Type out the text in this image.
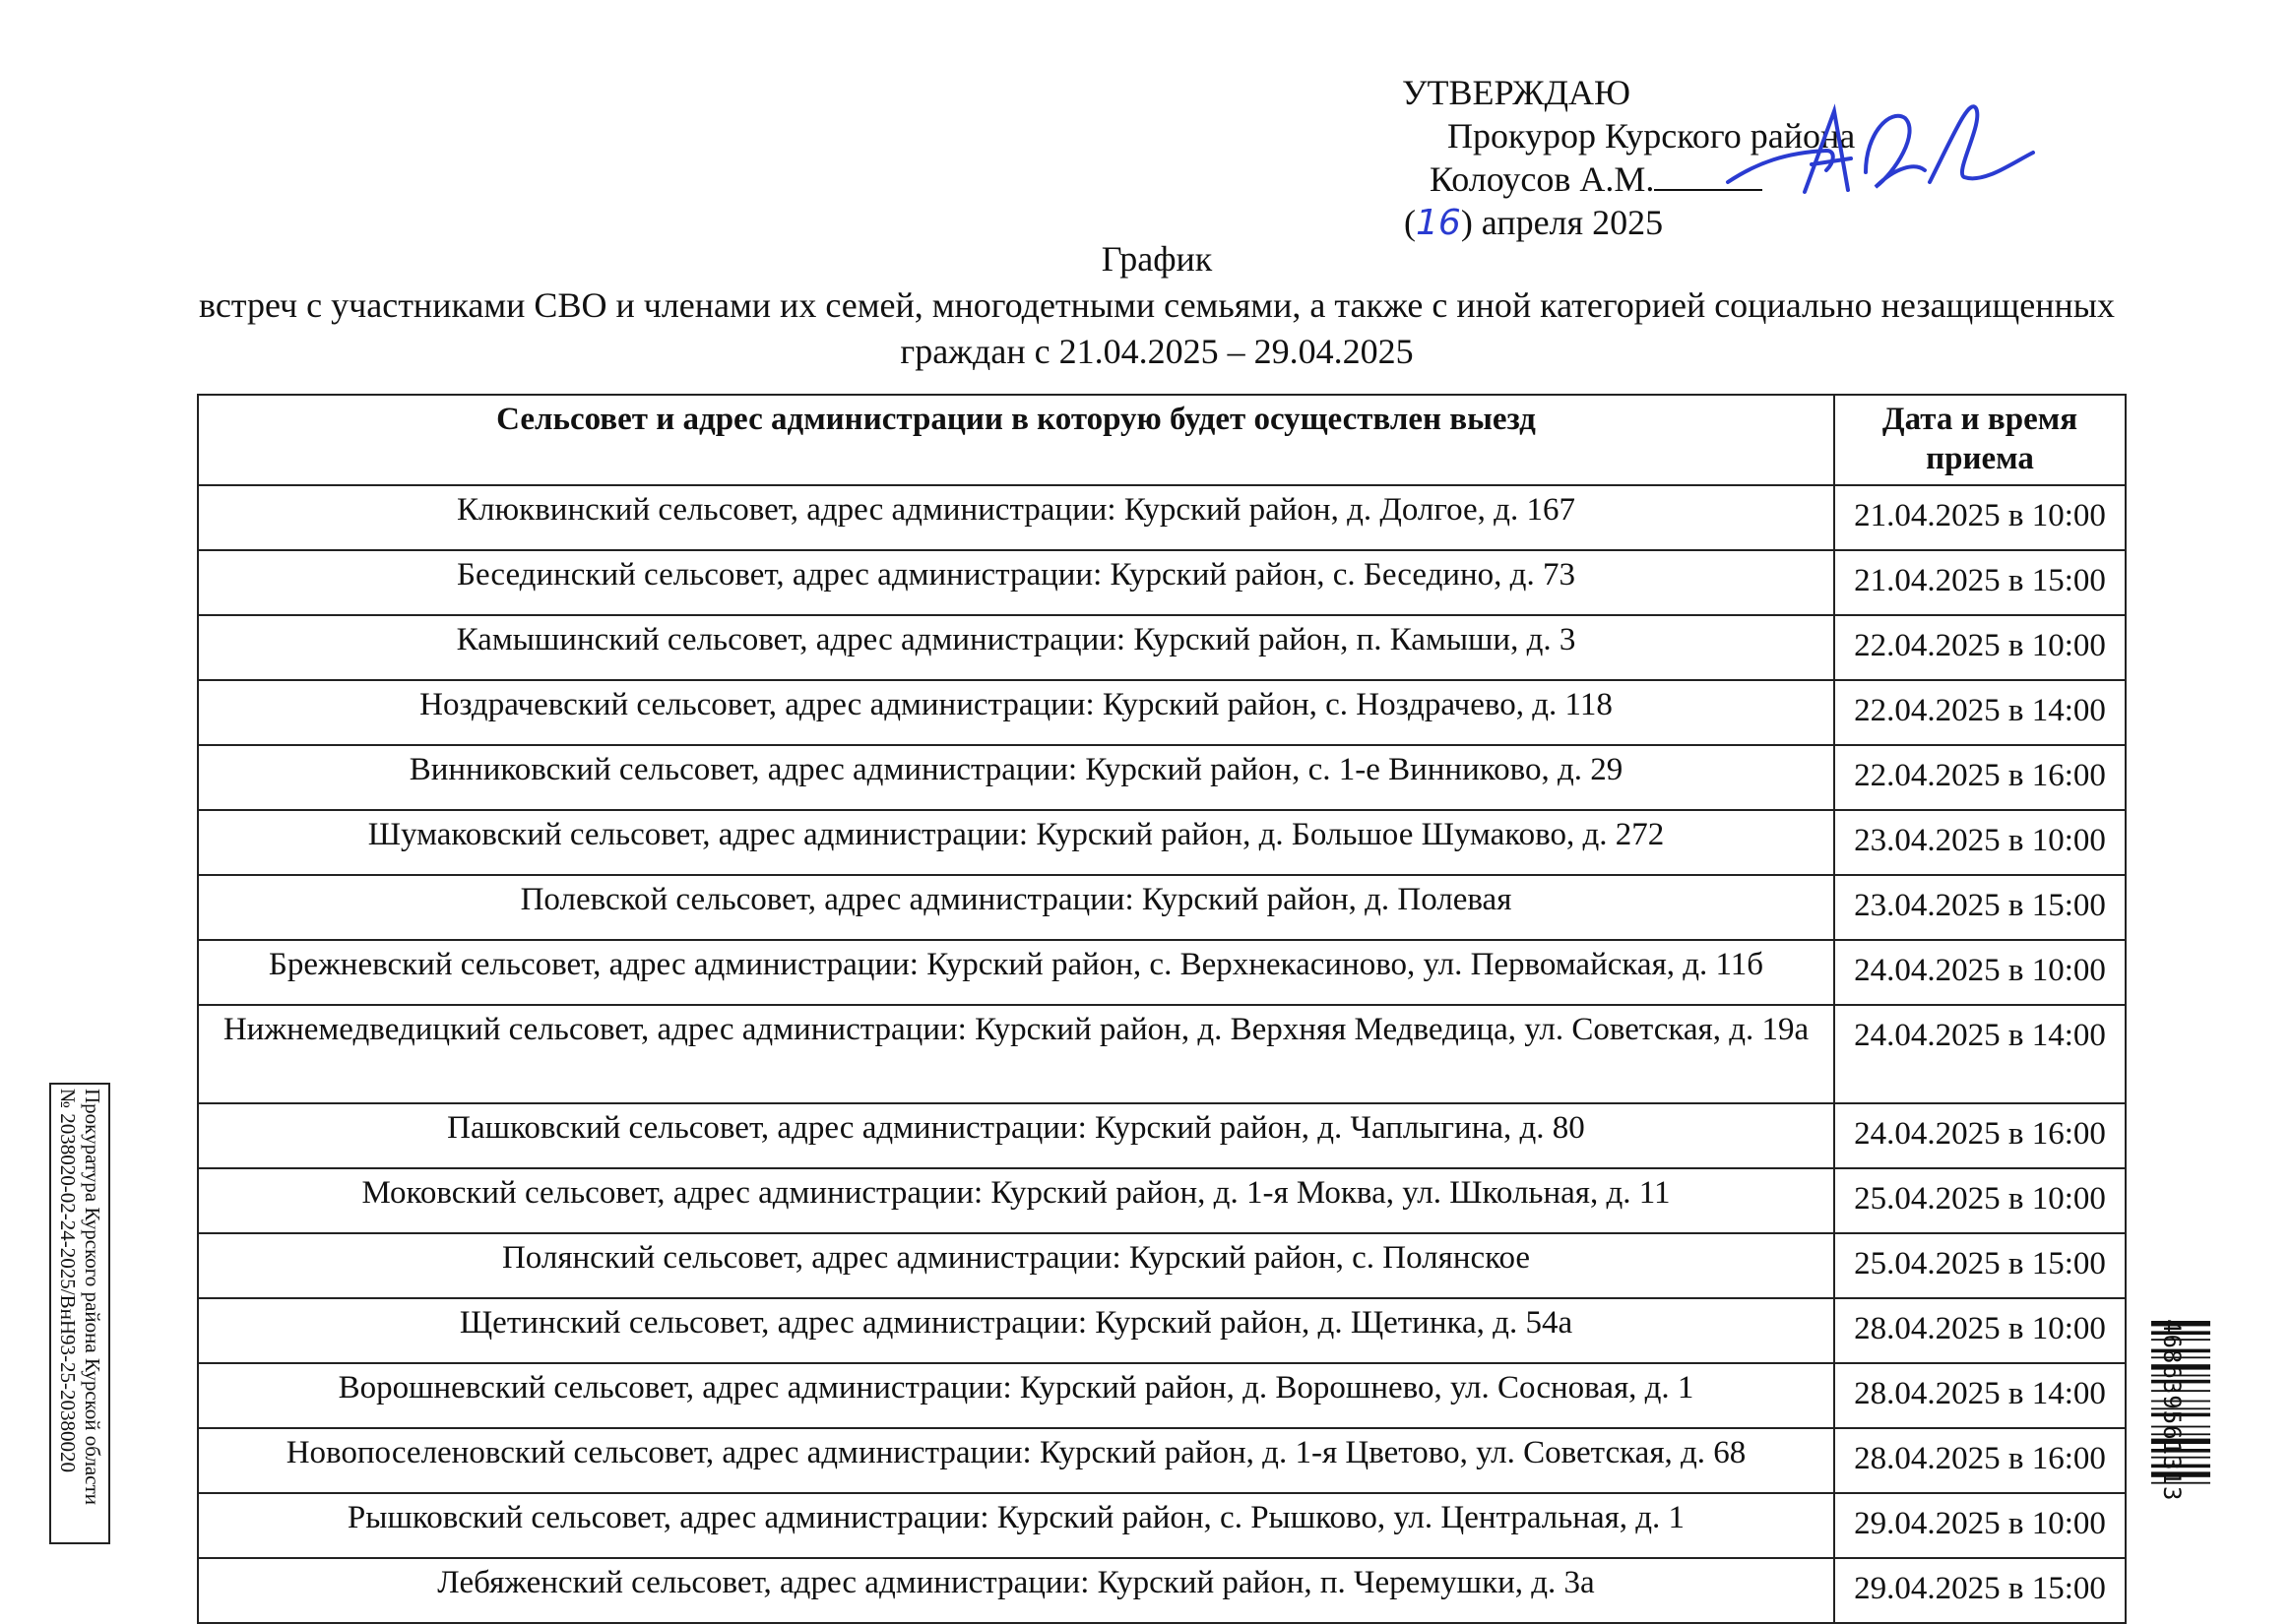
УТВЕРЖДАЮ
Прокурор Курского района
Колоусов А.М.
(16) апреля 2025
График
встреч с участниками СВО и членами их семей, многодетными семьями, а также с иной категорией социально незащищенных
граждан с 21.04.2025 – 29.04.2025
Сельсовет и адрес администрации в которую будет осуществлен выезд	Дата и время приема
Клюквинский сельсовет, адрес администрации: Курский район, д. Долгое, д. 167	21.04.2025 в 10:00
Бесединский сельсовет, адрес администрации: Курский район, с. Беседино, д. 73	21.04.2025 в 15:00
Камышинский сельсовет, адрес администрации: Курский район, п. Камыши, д. 3	22.04.2025 в 10:00
Ноздрачевский сельсовет, адрес администрации: Курский район, с. Ноздрачево, д. 118	22.04.2025 в 14:00
Винниковский сельсовет, адрес администрации: Курский район, с. 1-е Винниково, д. 29	22.04.2025 в 16:00
Шумаковский сельсовет, адрес администрации: Курский район, д. Большое Шумаково, д. 272	23.04.2025 в 10:00
Полевской сельсовет, адрес администрации: Курский район, д. Полевая	23.04.2025 в 15:00
Брежневский сельсовет, адрес администрации: Курский район, с. Верхнекасиново, ул. Первомайская, д. 11б	24.04.2025 в 10:00
Нижнемедведицкий сельсовет, адрес администрации: Курский район, д. Верхняя Медведица, ул. Советская, д. 19а	24.04.2025 в 14:00
Пашковский сельсовет, адрес администрации: Курский район, д. Чаплыгина, д. 80	24.04.2025 в 16:00
Моковский сельсовет, адрес администрации: Курский район, д. 1-я Моква, ул. Школьная, д. 11	25.04.2025 в 10:00
Полянский сельсовет, адрес администрации: Курский район, с. Полянское	25.04.2025 в 15:00
Щетинский сельсовет, адрес администрации: Курский район, д. Щетинка, д. 54а	28.04.2025 в 10:00
Ворошневский сельсовет, адрес администрации: Курский район, д. Ворошнево, ул. Сосновая, д. 1	28.04.2025 в 14:00
Новопоселеновский сельсовет, адрес администрации: Курский район, д. 1-я Цветово, ул. Советская, д. 68	28.04.2025 в 16:00
Рышковский сельсовет, адрес администрации: Курский район, с. Рышково, ул. Центральная, д. 1	29.04.2025 в 10:00
Лебяженский сельсовет, адрес администрации: Курский район, п. Черемушки, д. 3а	29.04.2025 в 15:00
Прокуратура Курского района Курской области
№ 2038020-02-24-2025/ВнН93-25-20380020	468639561313
